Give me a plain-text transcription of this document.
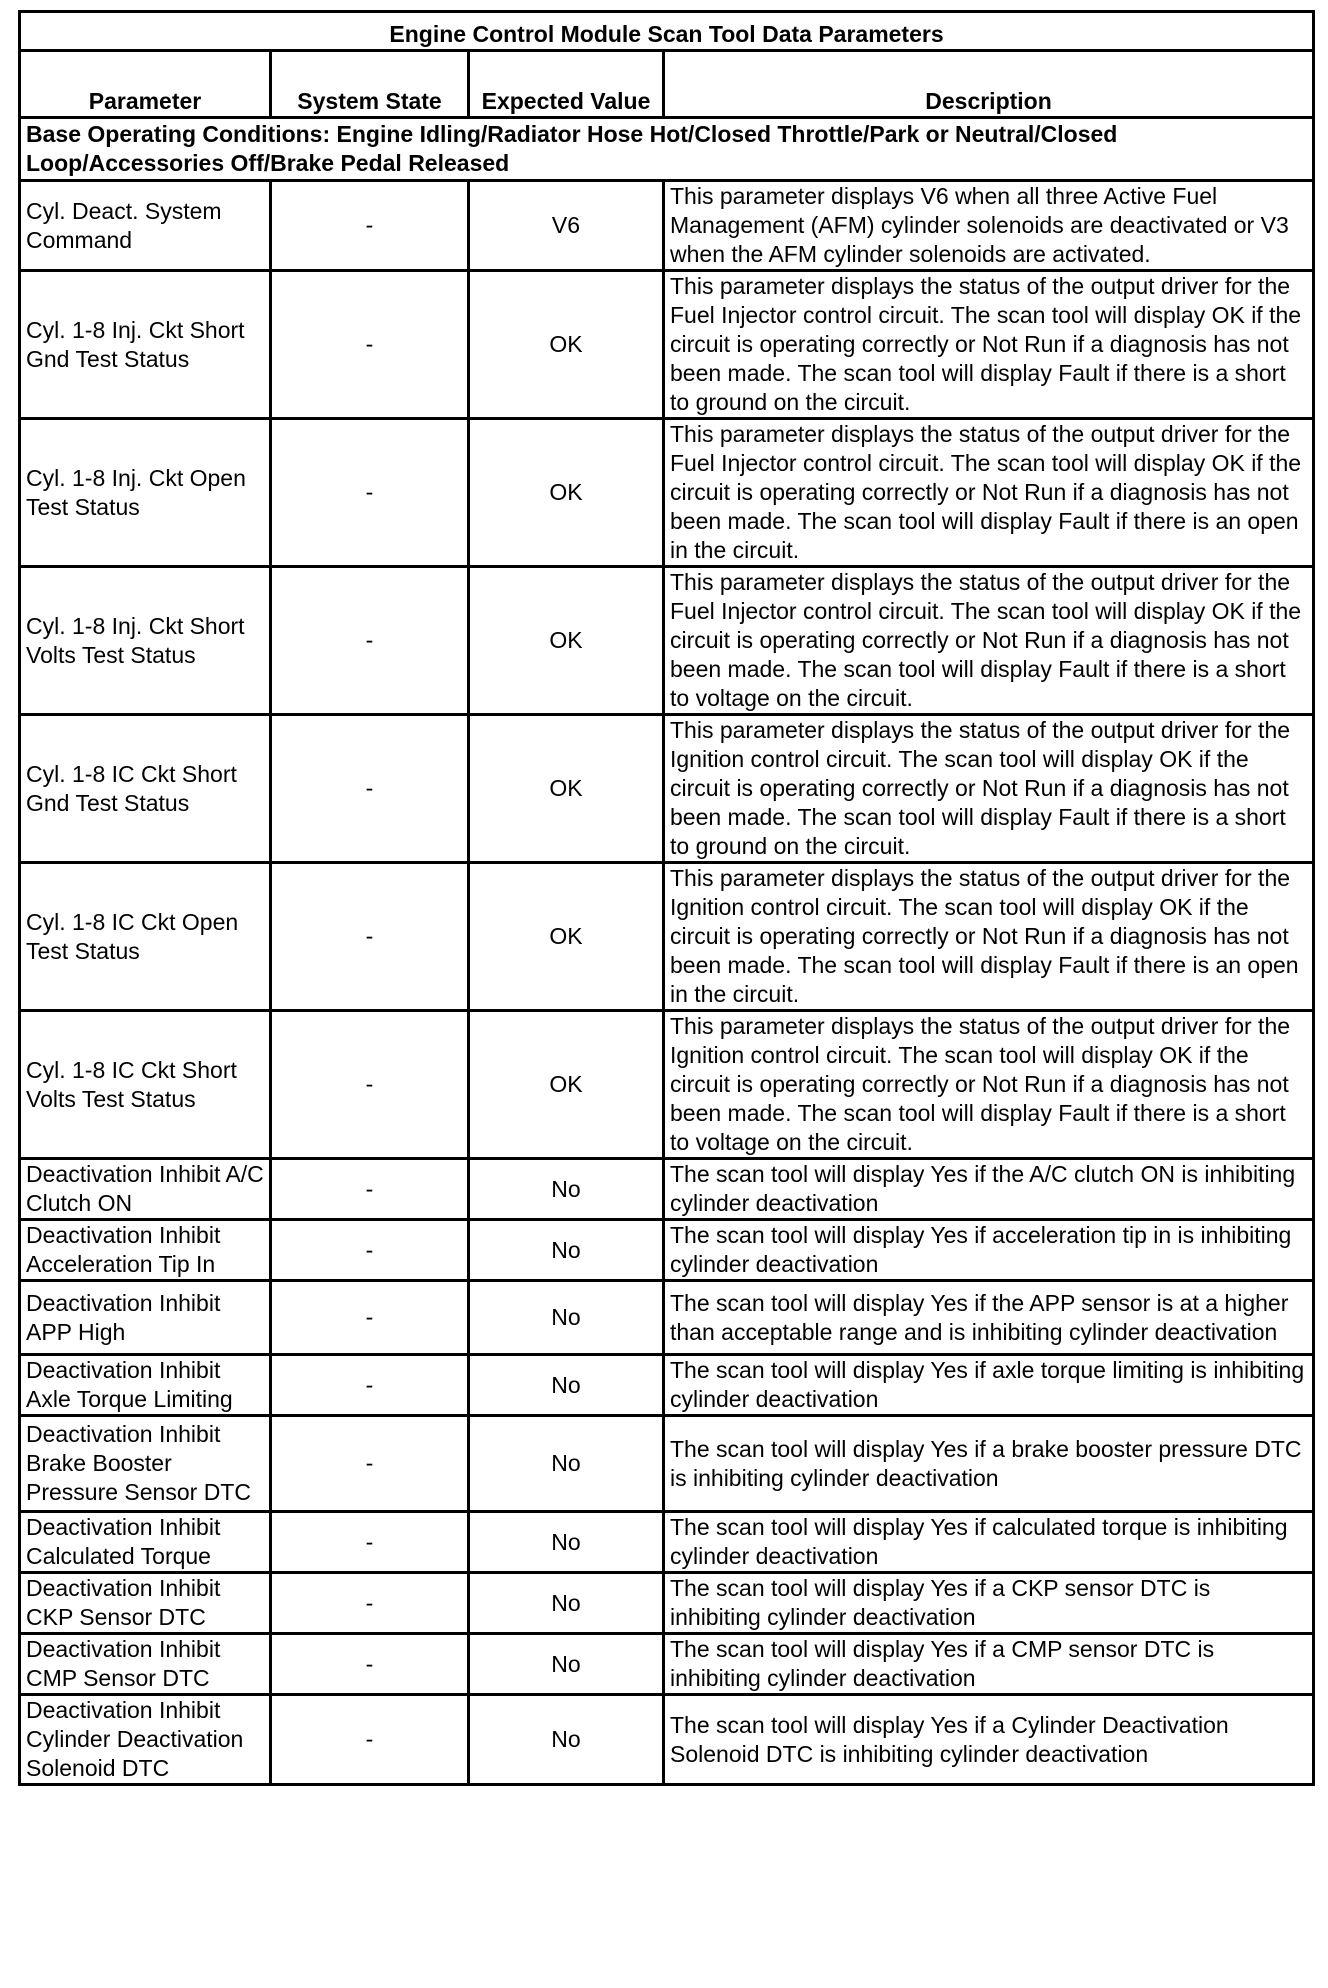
Engine Control Module Scan Tool Data Parameters			
Parameter	System State	Expected Value	Description
Base Operating Conditions: Engine Idling/Radiator Hose Hot/Closed Throttle/Park or Neutral/Closed Loop/Accessories Off/Brake Pedal Released			
Cyl. Deact. System Command	-	V6	This parameter displays V6 when all three Active Fuel Management (AFM) cylinder solenoids are deactivated or V3 when the AFM cylinder solenoids are activated.
Cyl. 1-8 Inj. Ckt Short Gnd Test Status	-	OK	This parameter displays the status of the output driver for the Fuel Injector control circuit. The scan tool will display OK if the circuit is operating correctly or Not Run if a diagnosis has not been made. The scan tool will display Fault if there is a short to ground on the circuit.
Cyl. 1-8 Inj. Ckt Open Test Status	-	OK	This parameter displays the status of the output driver for the Fuel Injector control circuit. The scan tool will display OK if the circuit is operating correctly or Not Run if a diagnosis has not been made. The scan tool will display Fault if there is an open in the circuit.
Cyl. 1-8 Inj. Ckt Short Volts Test Status	-	OK	This parameter displays the status of the output driver for the Fuel Injector control circuit. The scan tool will display OK if the circuit is operating correctly or Not Run if a diagnosis has not been made. The scan tool will display Fault if there is a short to voltage on the circuit.
Cyl. 1-8 IC Ckt Short Gnd Test Status	-	OK	This parameter displays the status of the output driver for the Ignition control circuit. The scan tool will display OK if the circuit is operating correctly or Not Run if a diagnosis has not been made. The scan tool will display Fault if there is a short to ground on the circuit.
Cyl. 1-8 IC Ckt Open Test Status	-	OK	This parameter displays the status of the output driver for the Ignition control circuit. The scan tool will display OK if the circuit is operating correctly or Not Run if a diagnosis has not been made. The scan tool will display Fault if there is an open in the circuit.
Cyl. 1-8 IC Ckt Short Volts Test Status	-	OK	This parameter displays the status of the output driver for the Ignition control circuit. The scan tool will display OK if the circuit is operating correctly or Not Run if a diagnosis has not been made. The scan tool will display Fault if there is a short to voltage on the circuit.
Deactivation Inhibit A/C Clutch ON	-	No	The scan tool will display Yes if the A/C clutch ON is inhibiting cylinder deactivation
Deactivation Inhibit Acceleration Tip In	-	No	The scan tool will display Yes if acceleration tip in is inhibiting cylinder deactivation
Deactivation Inhibit APP High	-	No	The scan tool will display Yes if the APP sensor is at a higher than acceptable range and is inhibiting cylinder deactivation
Deactivation Inhibit Axle Torque Limiting	-	No	The scan tool will display Yes if axle torque limiting is inhibiting cylinder deactivation
Deactivation Inhibit Brake Booster Pressure Sensor DTC	-	No	The scan tool will display Yes if a brake booster pressure DTC is inhibiting cylinder deactivation
Deactivation Inhibit Calculated Torque	-	No	The scan tool will display Yes if calculated torque is inhibiting cylinder deactivation
Deactivation Inhibit CKP Sensor DTC	-	No	The scan tool will display Yes if a CKP sensor DTC is inhibiting cylinder deactivation
Deactivation Inhibit CMP Sensor DTC	-	No	The scan tool will display Yes if a CMP sensor DTC is inhibiting cylinder deactivation
Deactivation Inhibit Cylinder Deactivation Solenoid DTC	-	No	The scan tool will display Yes if a Cylinder Deactivation Solenoid DTC is inhibiting cylinder deactivation
